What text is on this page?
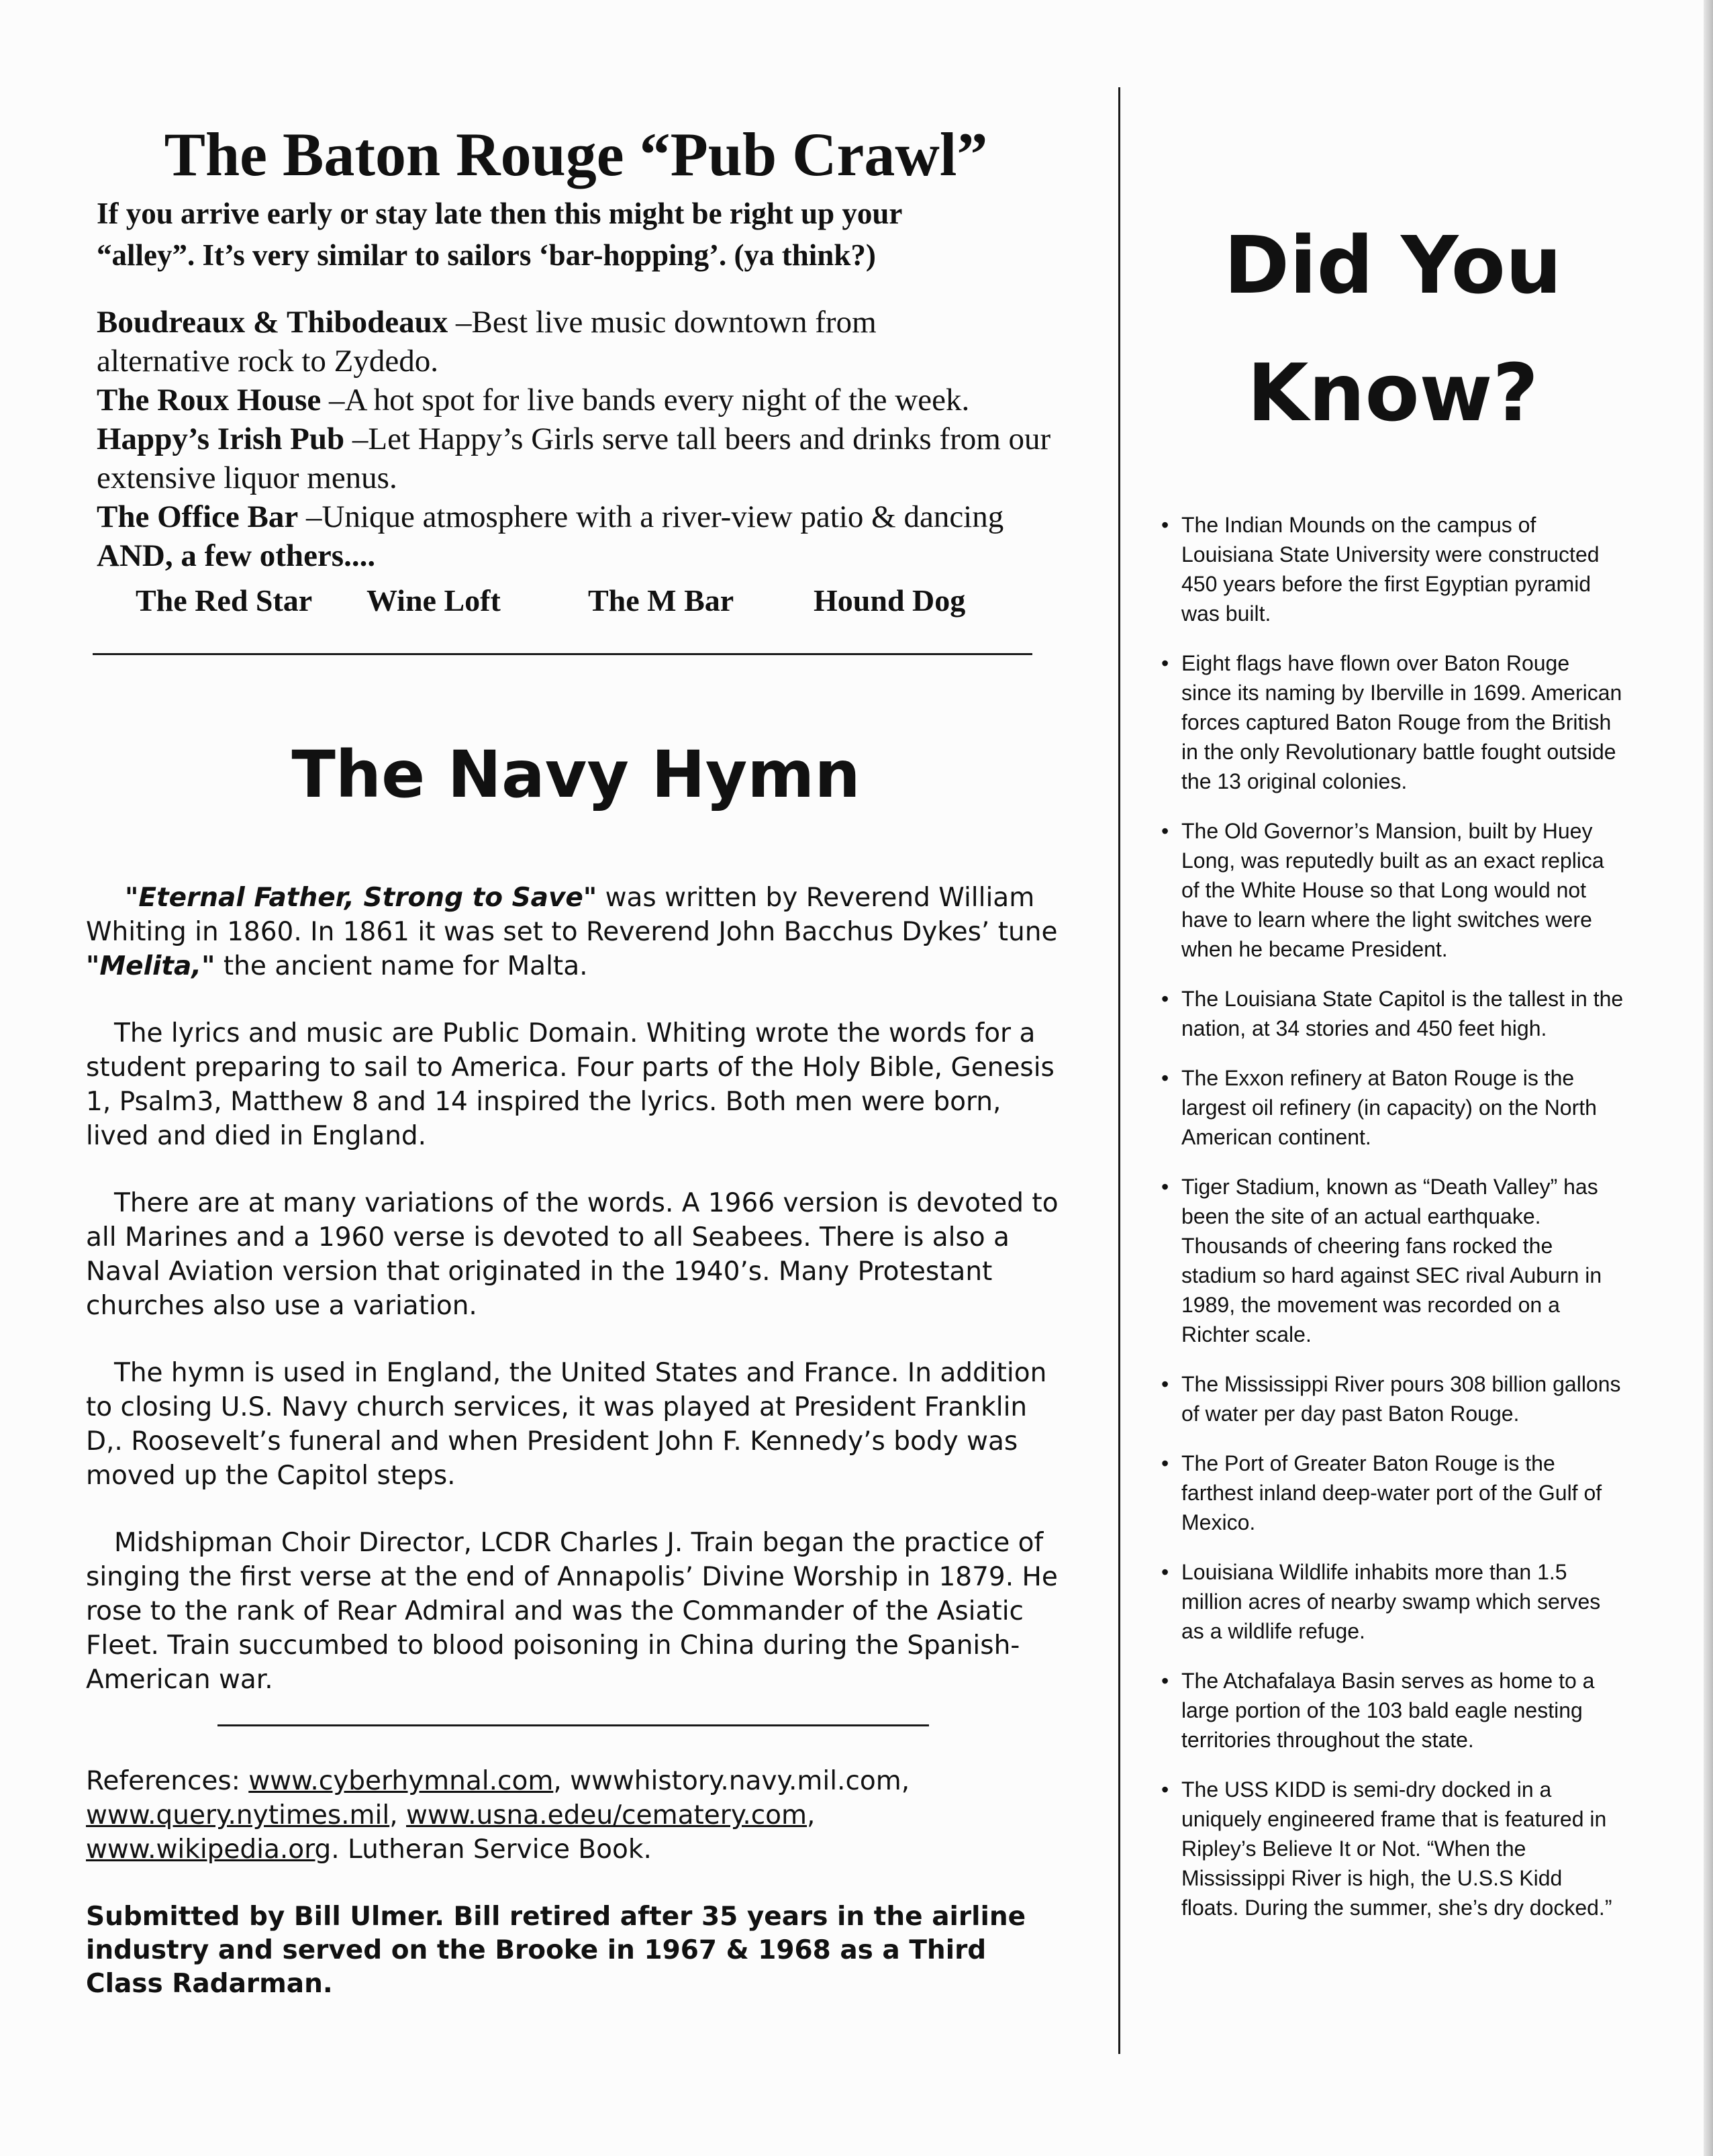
The Baton Rouge “Pub Crawl”

If you arrive early or stay late then this might be right up your
“alley”. It’s very similar to sailors ‘bar-hopping’. (ya think?)

Boudreaux & Thibodeaux –Best live music downtown from alternative rock to Zydedo.

The Roux House –A hot spot for live bands every night of the week.

Happy’s Irish Pub –Let Happy’s Girls serve tall beers and drinks from our extensive liquor menus.

The Office Bar –Unique atmosphere with a river-view patio & dancing

AND, a few others....

The Red Star	Wine Loft	The M Bar	Hound Dog
The Navy Hymn

"Eternal Father, Strong to Save" was written by Reverend William Whiting in 1860. In 1861 it was set to Reverend John Bacchus Dykes’ tune "Melita," the ancient name for Malta.

The lyrics and music are Public Domain. Whiting wrote the words for a student preparing to sail to America. Four parts of the Holy Bible, Genesis 1, Psalm3, Matthew 8 and 14 inspired the lyrics. Both men were born, lived and died in England.

There are at many variations of the words. A 1966 version is devoted to all Marines and a 1960 verse is devoted to all Seabees. There is also a Naval Aviation version that originated in the 1940’s. Many Protestant churches also use a variation.

The hymn is used in England, the United States and France. In addition to closing U.S. Navy church services, it was played at President Franklin D,. Roosevelt’s funeral and when President John F. Kennedy’s body was moved up the Capitol steps.

Midshipman Choir Director, LCDR Charles J. Train began the practice of singing the first verse at the end of Annapolis’ Divine Worship in 1879. He rose to the rank of Rear Admiral and was the Commander of the Asiatic Fleet. Train succumbed to blood poisoning in China during the Spanish-American war.

References: www.cyberhymnal.com, wwwhistory.navy.mil.com, www.query.nytimes.mil, www.usna.edeu/cematery.com, www.wikipedia.org. Lutheran Service Book.

Submitted by Bill Ulmer. Bill retired after 35 years in the airline industry and served on the Brooke in 1967 & 1968 as a Third Class Radarman.

Did You
Know?

• The Indian Mounds on the campus of Louisiana State University were constructed 450 years before the first Egyptian pyramid was built.

• Eight flags have flown over Baton Rouge since its naming by Iberville in 1699. American forces captured Baton Rouge from the British in the only Revolutionary battle fought outside the 13 original colonies.

• The Old Governor’s Mansion, built by Huey Long, was reputedly built as an exact replica of the White House so that Long would not have to learn where the light switches were when he became President.

• The Louisiana State Capitol is the tallest in the nation, at 34 stories and 450 feet high.

• The Exxon refinery at Baton Rouge is the largest oil refinery (in capacity) on the North American continent.

• Tiger Stadium, known as “Death Valley” has been the site of an actual earthquake. Thousands of cheering fans rocked the stadium so hard against SEC rival Auburn in 1989, the movement was recorded on a Richter scale.

• The Mississippi River pours 308 billion gallons of water per day past Baton Rouge.

• The Port of Greater Baton Rouge is the farthest inland deep-water port of the Gulf of Mexico.

• Louisiana Wildlife inhabits more than 1.5 million acres of nearby swamp which serves as a wildlife refuge.

• The Atchafalaya Basin serves as home to a large portion of the 103 bald eagle nesting territories throughout the state.

• The USS KIDD is semi-dry docked in a uniquely engineered frame that is featured in Ripley’s Believe It or Not. “When the Mississippi River is high, the U.S.S Kidd floats. During the summer, she’s dry docked.”
